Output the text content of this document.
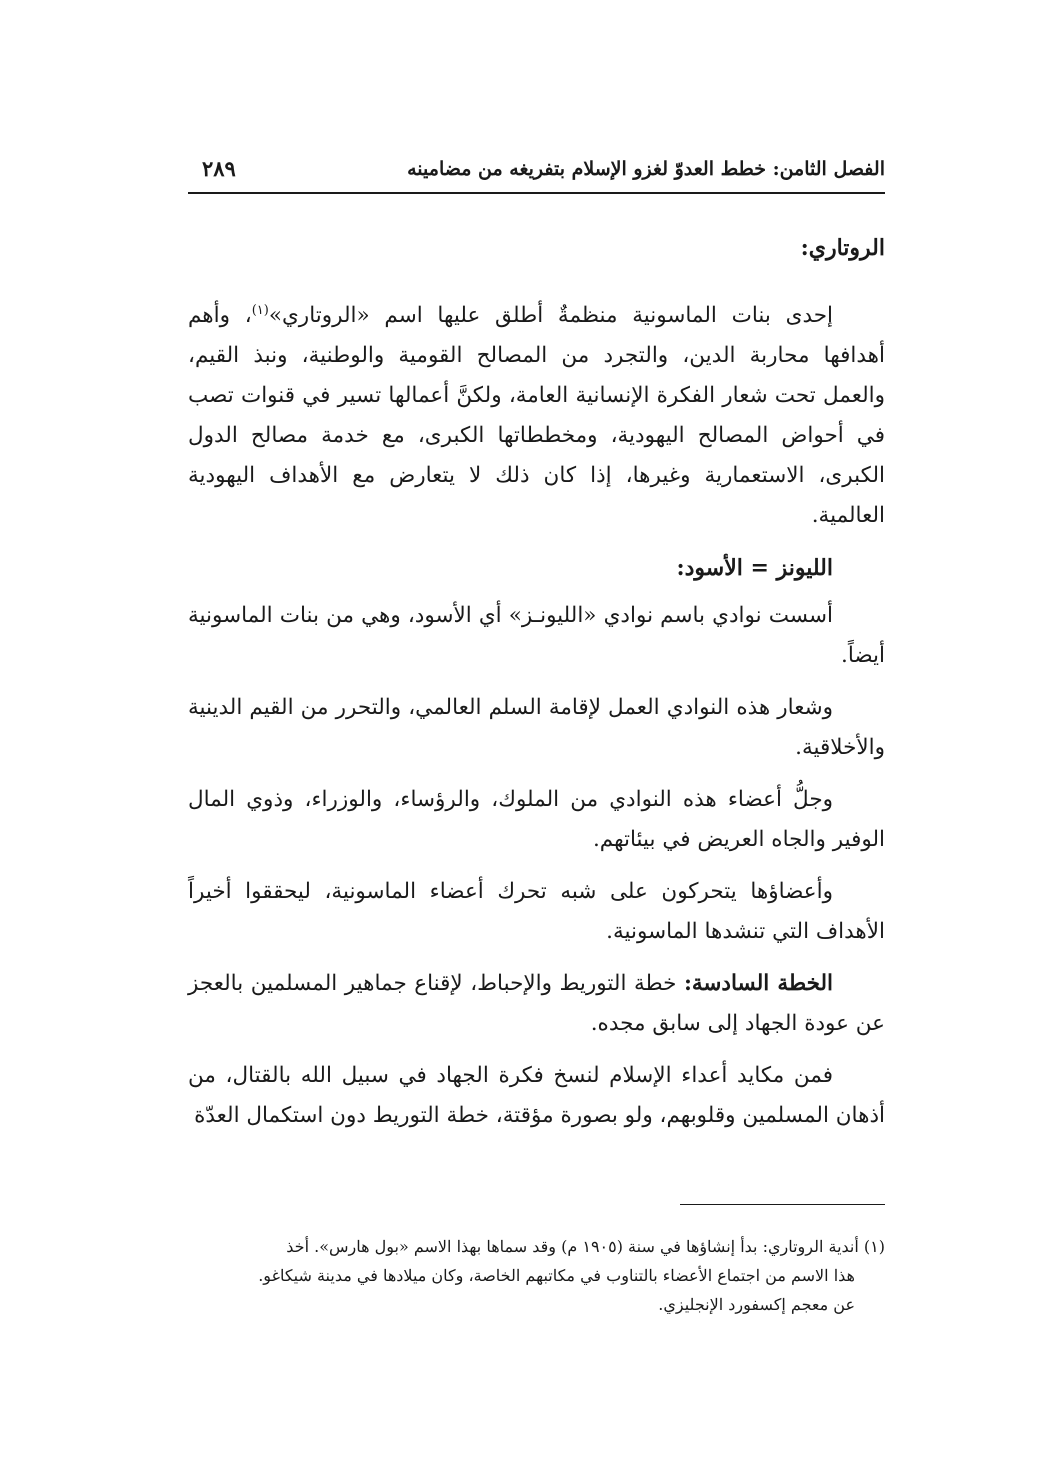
الفصل الثامن: خطط العدوّ لغزو الإسلام بتفريغه من مضامينه
٢٨٩
الروتاري:

إحدى بنات الماسونية منظمةٌ أطلق عليها اسم «الروتاري»$^{(١)}$، وأهم أهدافها محاربة الدين، والتجرد من المصالح القومية والوطنية، ونبذ القيم، والعمل تحت شعار الفكرة الإنسانية العامة، ولكنَّ أعمالها تسير في قنوات تصب في أحواض المصالح اليهودية، ومخططاتها الكبرى، مع خدمة مصالح الدول الكبرى، الاستعمارية وغيرها، إذا كان ذلك لا يتعارض مع الأهداف اليهودية العالمية.

الليونز = الأسود:

أسست نوادي باسم نوادي «الليونـز» أي الأسود، وهي من بنات الماسونية أيضاً.

وشعار هذه النوادي العمل لإقامة السلم العالمي، والتحرر من القيم الدينية والأخلاقية.

وجلُّ أعضاء هذه النوادي من الملوك، والرؤساء، والوزراء، وذوي المال الوفير والجاه العريض في بيئاتهم.

وأعضاؤها يتحركون على شبه تحرك أعضاء الماسونية، ليحققوا أخيراً الأهداف التي تنشدها الماسونية.

الخطة السادسة: خطة التوريط والإحباط، لإقناع جماهير المسلمين بالعجز عن عودة الجهاد إلى سابق مجده.

فمن مكايد أعداء الإسلام لنسخ فكرة الجهاد في سبيل الله بالقتال، من أذهان المسلمين وقلوبهم، ولو بصورة مؤقتة، خطة التوريط دون استكمال العدّة

(١) أندية الروتاري: بدأ إنشاؤها في سنة (١٩٠٥ م) وقد سماها بهذا الاسم «بول هارس». أخذ
هذا الاسم من اجتماع الأعضاء بالتناوب في مكاتبهم الخاصة، وكان ميلادها في مدينة شيكاغو.
عن معجم إكسفورد الإنجليزي.
